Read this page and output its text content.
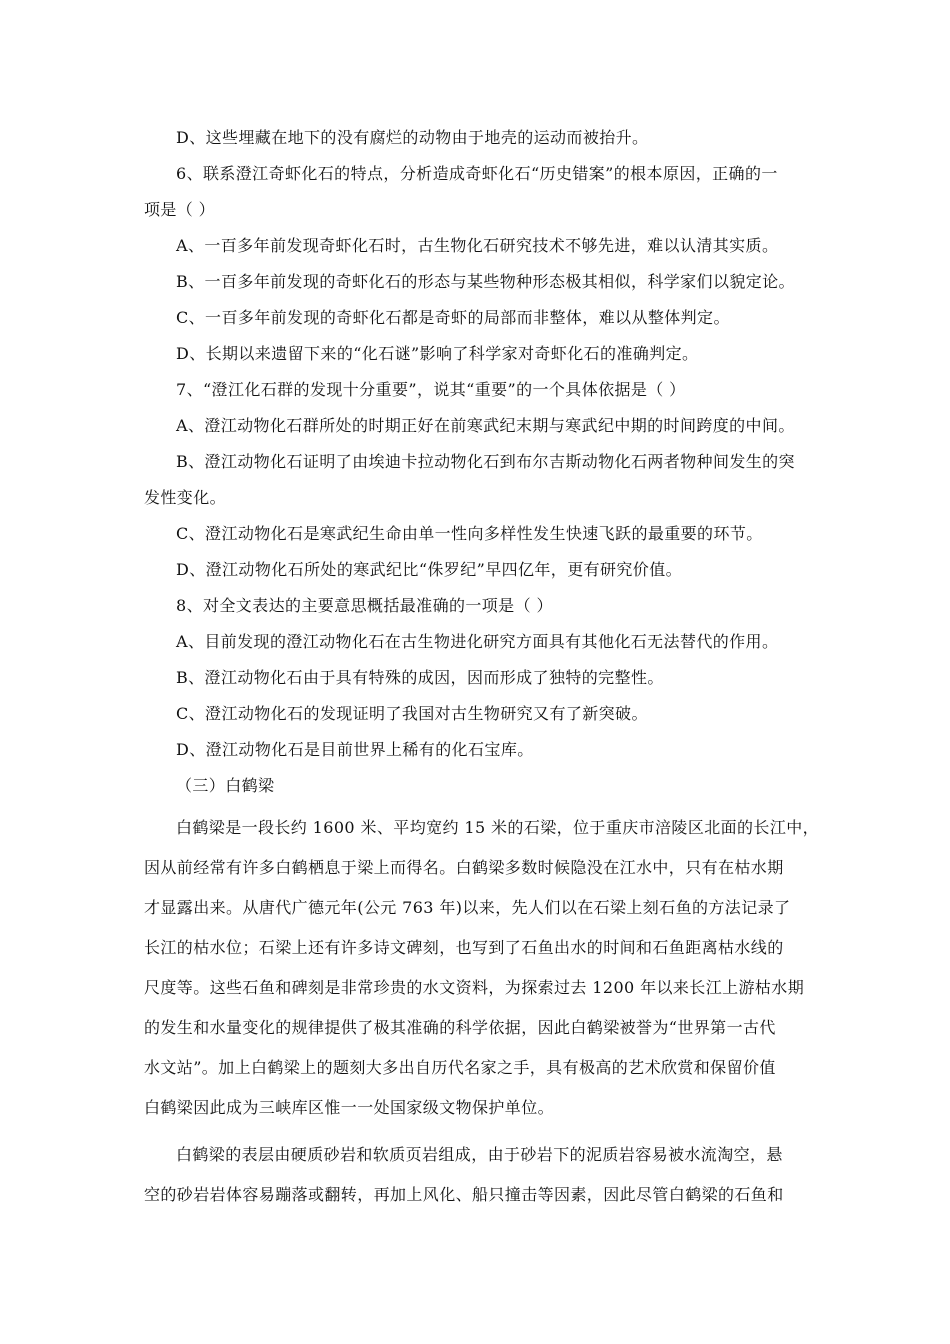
D、这些埋藏在地下的没有腐烂的动物由于地壳的运动而被抬升。
6、联系澄江奇虾化石的特点，分析造成奇虾化石“历史错案”的根本原因，正确的一
项是（ ）
A、一百多年前发现奇虾化石时，古生物化石研究技术不够先进，难以认清其实质。
B、一百多年前发现的奇虾化石的形态与某些物种形态极其相似，科学家们以貌定论。
C、一百多年前发现的奇虾化石都是奇虾的局部而非整体，难以从整体判定。
D、长期以来遗留下来的“化石谜”影响了科学家对奇虾化石的准确判定。
7、“澄江化石群的发现十分重要”，说其“重要”的一个具体依据是（ ）
A、澄江动物化石群所处的时期正好在前寒武纪末期与寒武纪中期的时间跨度的中间。
B、澄江动物化石证明了由埃迪卡拉动物化石到布尔吉斯动物化石两者物种间发生的突
发性变化。
C、澄江动物化石是寒武纪生命由单一性向多样性发生快速飞跃的最重要的环节。
D、澄江动物化石所处的寒武纪比“侏罗纪”早四亿年，更有研究价值。
8、对全文表达的主要意思概括最准确的一项是（ ）
A、目前发现的澄江动物化石在古生物进化研究方面具有其他化石无法替代的作用。
B、澄江动物化石由于具有特殊的成因，因而形成了独特的完整性。
C、澄江动物化石的发现证明了我国对古生物研究又有了新突破。
D、澄江动物化石是目前世界上稀有的化石宝库。
（三）白鹤梁
白鹤梁是一段长约 1600 米、平均宽约 15 米的石梁，位于重庆市涪陵区北面的长江中，
因从前经常有许多白鹤栖息于梁上而得名。白鹤梁多数时候隐没在江水中，只有在枯水期
才显露出来。从唐代广德元年(公元 763 年)以来，先人们以在石梁上刻石鱼的方法记录了
长江的枯水位；石梁上还有许多诗文碑刻，也写到了石鱼出水的时间和石鱼距离枯水线的
尺度等。这些石鱼和碑刻是非常珍贵的水文资料，为探索过去 1200 年以来长江上游枯水期
的发生和水量变化的规律提供了极其准确的科学依据，因此白鹤梁被誉为“世界第一古代
水文站”。加上白鹤梁上的题刻大多出自历代名家之手，具有极高的艺术欣赏和保留价值
白鹤梁因此成为三峡库区惟一一处国家级文物保护单位。
白鹤梁的表层由硬质砂岩和软质页岩组成，由于砂岩下的泥质岩容易被水流淘空，悬
空的砂岩岩体容易蹦落或翻转，再加上风化、船只撞击等因素，因此尽管白鹤梁的石鱼和
